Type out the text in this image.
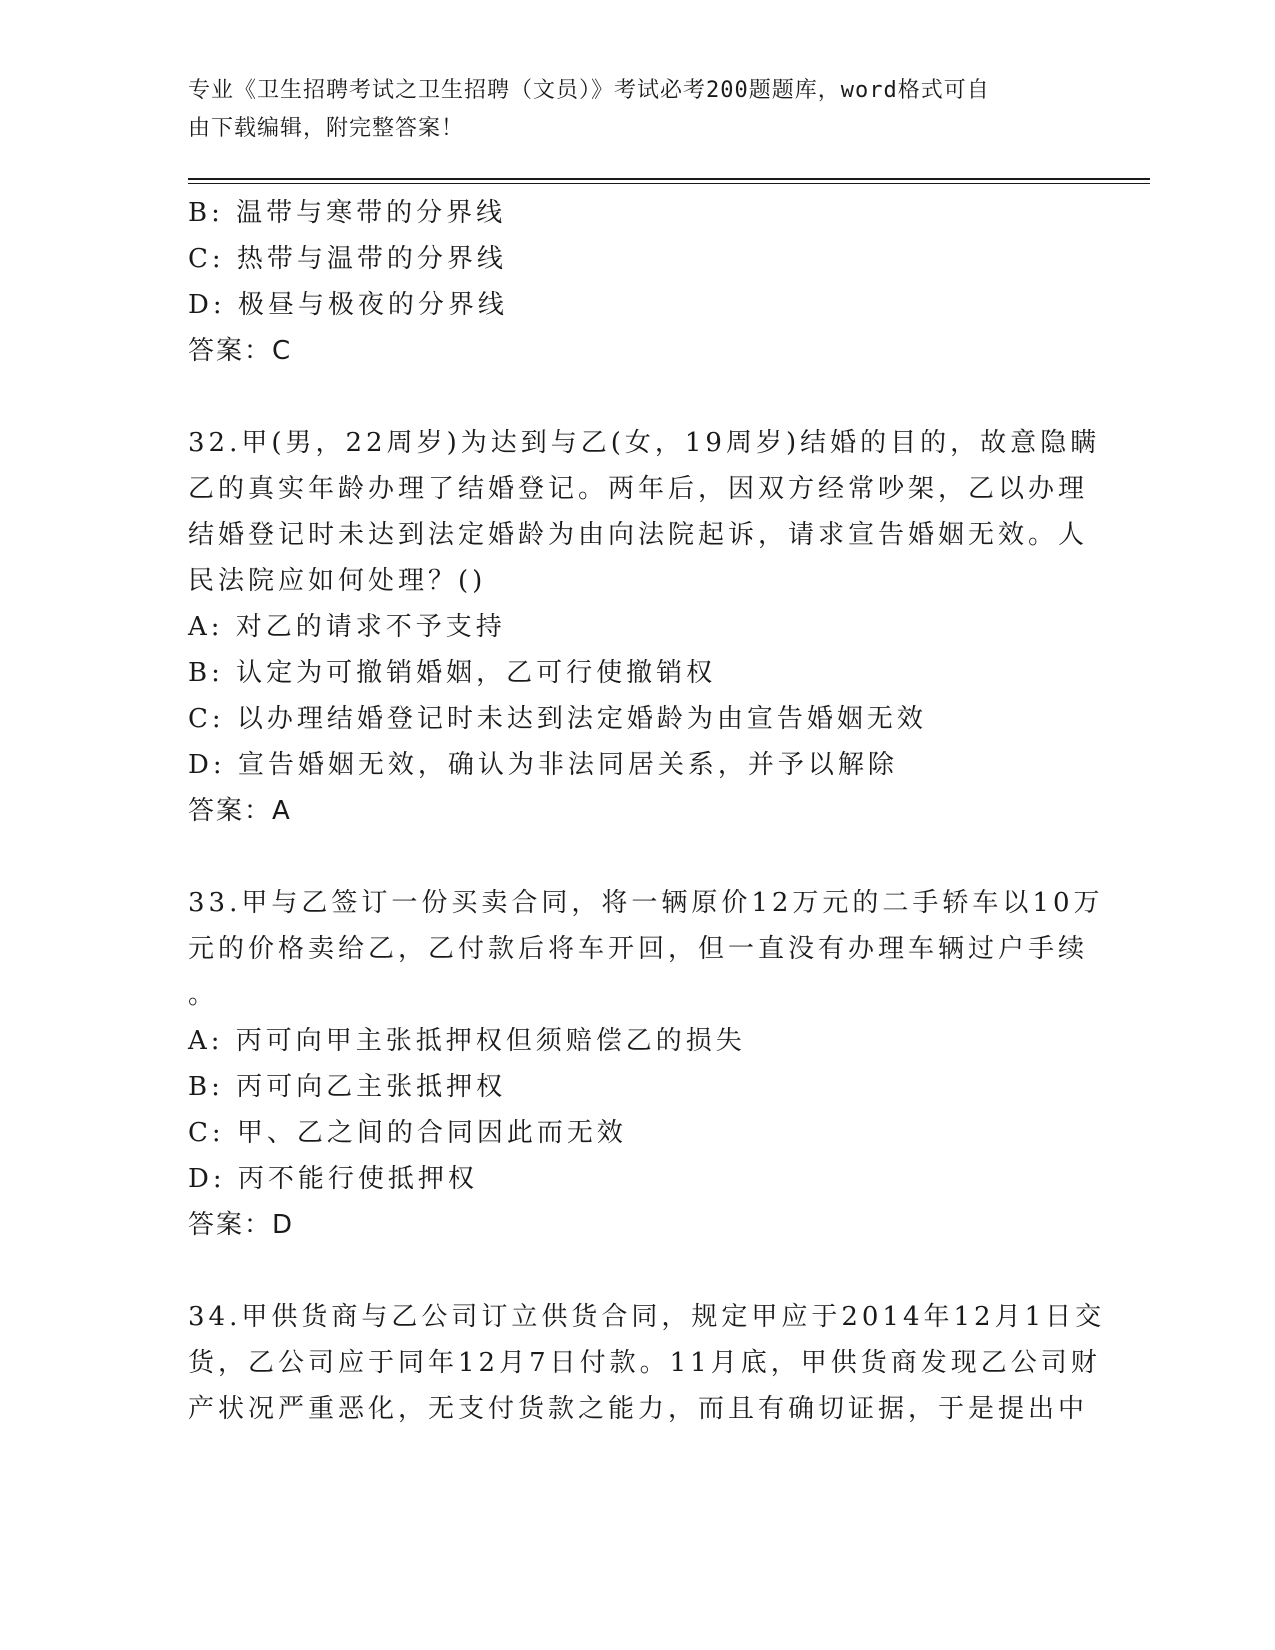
专业《卫生招聘考试之卫生招聘（文员）》考试必考200题题库，word格式可自
由下载编辑，附完整答案！
B: 温带与寒带的分界线
C: 热带与温带的分界线
D: 极昼与极夜的分界线
答案：C
32.甲(男，22周岁)为达到与乙(女，19周岁)结婚的目的，故意隐瞒
乙的真实年龄办理了结婚登记。两年后，因双方经常吵架，乙以办理
结婚登记时未达到法定婚龄为由向法院起诉，请求宣告婚姻无效。人
民法院应如何处理？()
A: 对乙的请求不予支持
B: 认定为可撤销婚姻，乙可行使撤销权
C: 以办理结婚登记时未达到法定婚龄为由宣告婚姻无效
D: 宣告婚姻无效，确认为非法同居关系，并予以解除
答案：A
33.甲与乙签订一份买卖合同，将一辆原价12万元的二手轿车以10万
元的价格卖给乙，乙付款后将车开回，但一直没有办理车辆过户手续
。
A: 丙可向甲主张抵押权但须赔偿乙的损失
B: 丙可向乙主张抵押权
C: 甲、乙之间的合同因此而无效
D: 丙不能行使抵押权
答案：D
34.甲供货商与乙公司订立供货合同，规定甲应于2014年12月1日交
货，乙公司应于同年12月7日付款。11月底，甲供货商发现乙公司财
产状况严重恶化，无支付货款之能力，而且有确切证据，于是提出中
